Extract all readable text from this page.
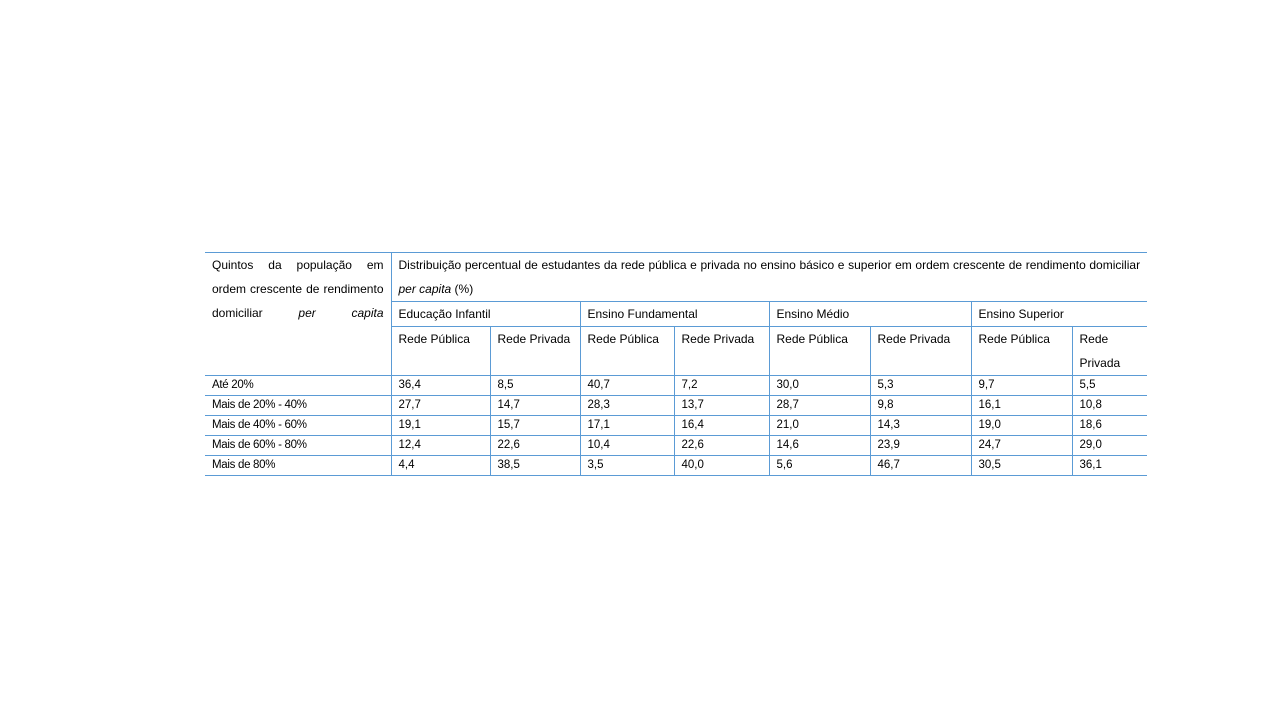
Quintos da população em ordem crescente de rendimento domiciliar per capita	Distribuição percentual de estudantes da rede pública e privada no ensino básico e superior em ordem crescente de rendimento domiciliar per capita (%)							
	Educação Infantil		Ensino Fundamental		Ensino Médio		Ensino Superior	
	Rede Pública	Rede Privada	Rede Pública	Rede Privada	Rede Pública	Rede Privada	Rede Pública	Rede Privada
Até 20%	36,4	8,5	40,7	7,2	30,0	5,3	9,7	5,5
Mais de 20% - 40%	27,7	14,7	28,3	13,7	28,7	9,8	16,1	10,8
Mais de 40% - 60%	19,1	15,7	17,1	16,4	21,0	14,3	19,0	18,6
Mais de 60% - 80%	12,4	22,6	10,4	22,6	14,6	23,9	24,7	29,0
Mais de 80%	4,4	38,5	3,5	40,0	5,6	46,7	30,5	36,1
